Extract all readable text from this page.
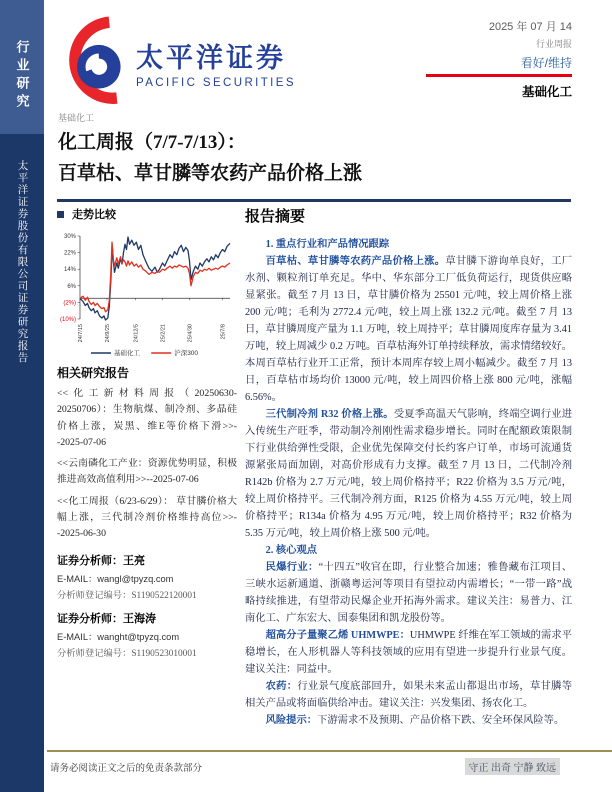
行业研究
太平洋证券股份有限公司证券研究报告
太平洋证券
PACIFIC SECURITIES
2025 年 07 月 14
行业周报
看好/维持
基础化工
基础化工
化工周报（7/7-7/13）：
百草枯、草甘膦等农药产品价格上涨
走势比较
30%
22%
14%
6%
(2%)
(10%)
24/7/15	24/9/25	24/12/5	25/2/21	25/4/30	25/7/8
基础化工	沪深300
相关研究报告

<<化工新材料周报（20250630-20250706）：生物航煤、制冷剂、多晶硅价格上涨，炭黑、维E等价格下滑>>--2025-07-06

<<云南磷化工产业：资源优势明显，积极推进高效高值利用>>--2025-07-06

<<化工周报（6/23-6/29）： 草甘膦价格大幅上涨，三代制冷剂价格维持高位>>--2025-06-30

证券分析师：王亮
E-MAIL：wangl@tpyzq.com
分析师登记编号：S1190522120001
证券分析师：王海涛
E-MAIL：wanght@tpyzq.com
分析师登记编号：S1190523010001
报告摘要

1. 重点行业和产品情况跟踪

百草枯、草甘膦等农药产品价格上涨。草甘膦下游询单良好，工厂水剂、颗粒剂订单充足。华中、华东部分工厂低负荷运行，现货供应略显紧张。截至 7 月 13 日，草甘膦价格为 25501 元/吨，较上周价格上涨 200 元/吨；毛利为 2772.4 元/吨，较上周上涨 132.2 元/吨。截至 7 月 13 日，草甘膦周度产量为 1.1 万吨，较上周持平；草甘膦周度库存量为 3.41 万吨，较上周减少 0.2 万吨。百草枯海外订单持续释放，需求情绪较好。本周百草枯行业开工正常，预计本周库存较上周小幅减少。截至 7 月 13 日，百草枯市场均价 13000 元/吨，较上周四价格上涨 800 元/吨，涨幅 6.56%。

三代制冷剂 R32 价格上涨。受夏季高温天气影响，终端空调行业进入传统生产旺季，带动制冷剂刚性需求稳步增长。同时在配额政策限制下行业供给弹性受限，企业优先保障交付长约客户订单，市场可流通货源紧张局面加剧，对高价形成有力支撑。截至 7 月 13 日，二代制冷剂 R142b 价格为 2.7 万元/吨，较上周价格持平；R22 价格为 3.5 万元/吨，较上周价格持平。三代制冷剂方面，R125 价格为 4.55 万元/吨，较上周价格持平；R134a 价格为 4.95 万元/吨，较上周价格持平；R32 价格为 5.35 万元/吨，较上周价格上涨 500 元/吨。

2. 核心观点

民爆行业：“十四五”收官在即，行业整合加速；雅鲁藏布江项目、三峡水运新通道、浙赣粤运河等项目有望拉动内需增长；“一带一路”战略持续推进，有望带动民爆企业开拓海外需求。建议关注：易普力、江南化工、广东宏大、国泰集团和凯龙股份等。

超高分子量聚乙烯 UHMWPE：UHMWPE 纤维在军工领域的需求平稳增长，在人形机器人等科技领域的应用有望进一步提升行业景气度。建议关注：同益中。

农药：行业景气度底部回升，如果未来孟山都退出市场，草甘膦等相关产品或将面临供给冲击。建议关注：兴发集团、扬农化工。

风险提示：下游需求不及预期、产品价格下跌、安全环保风险等。

请务必阅读正文之后的免责条款部分	守正 出奇 宁静 致远
